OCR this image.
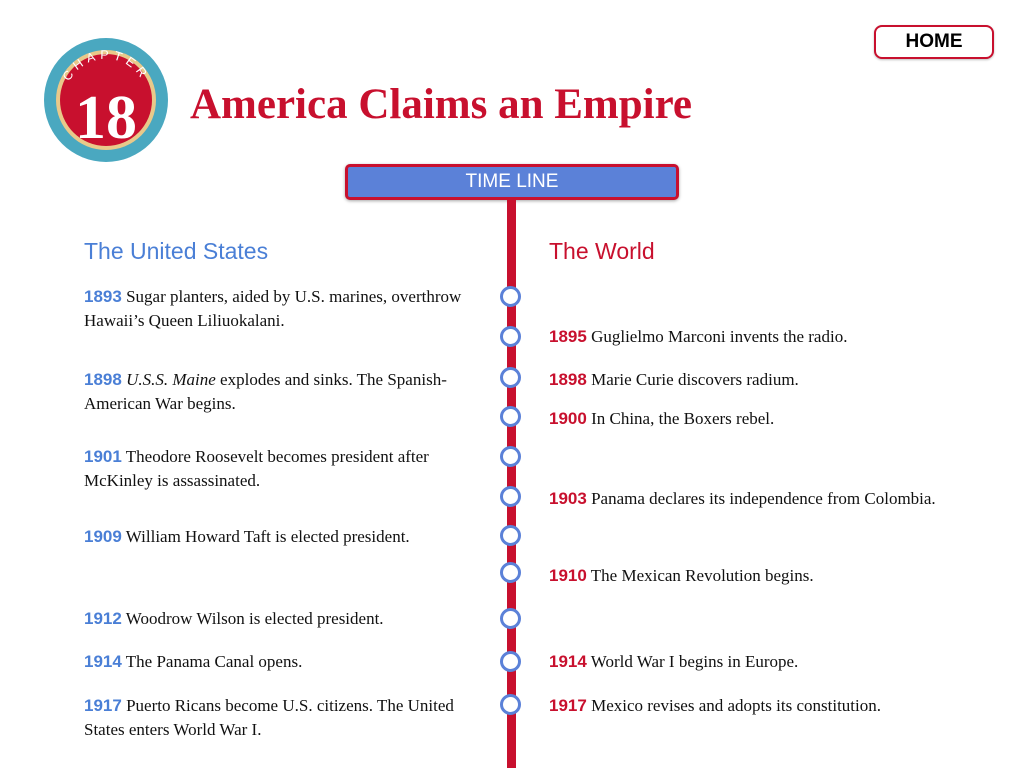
HOME
CHAPTER
18 America Claims an Empire
TIME LINE
The United States	The World
1893 Sugar planters, aided by U.S. marines, overthrow Hawaii’s Queen Liliuokalani.
1898 U.S.S. Maine explodes and sinks. The Spanish-American War begins.
1901 Theodore Roosevelt becomes president after McKinley is assassinated.
1909 William Howard Taft is elected president.
1912 Woodrow Wilson is elected president.
1914 The Panama Canal opens.
1917 Puerto Ricans become U.S. citizens. The United States enters World War I.
1895 Guglielmo Marconi invents the radio.
1898 Marie Curie discovers radium.
1900 In China, the Boxers rebel.
1903 Panama declares its independence from Colombia.
1910 The Mexican Revolution begins.
1914 World War I begins in Europe.
1917 Mexico revises and adopts its constitution.
